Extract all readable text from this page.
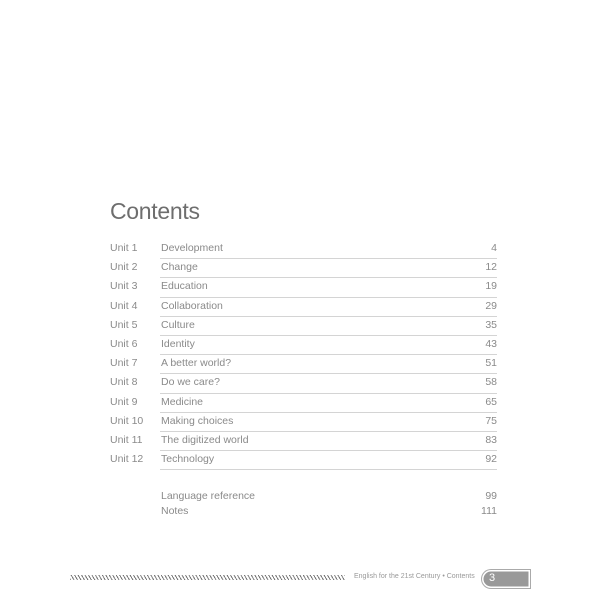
Contents
Unit 1 Development	4
Unit 2 Change	12
Unit 3 Education	19
Unit 4 Collaboration	29
Unit 5 Culture	35
Unit 6 Identity	43
Unit 7 A better world?	51
Unit 8 Do we care?	58
Unit 9 Medicine	65
Unit 10 Making choices	75
Unit 11 The digitized world	83
Unit 12 Technology	92
Language reference	99
Notes	111
English for the 21st Century • Contents 3
